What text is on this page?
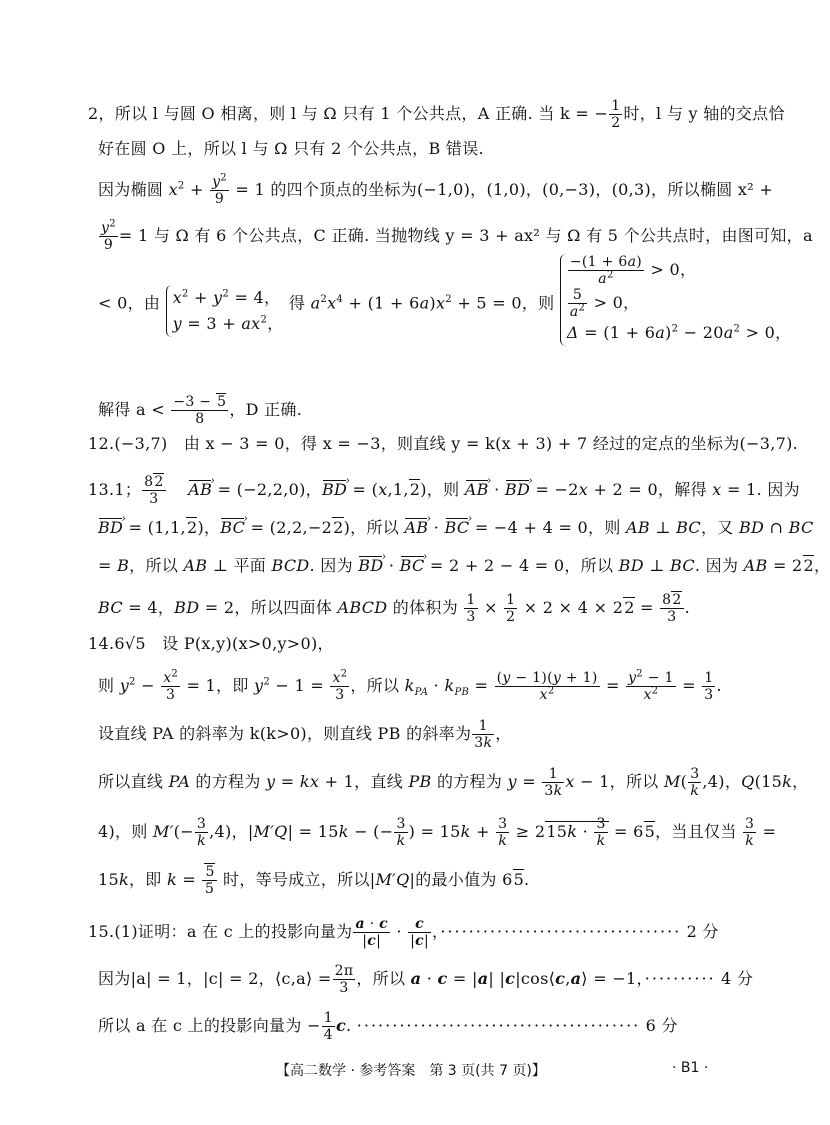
2，所以 l 与圆 O 相离，则 l 与 Ω 只有 1 个公共点，A 正确. 当 k = − $\frac{1}{2}$ 时，l 与 y 轴的交点恰
好在圆 O 上，所以 l 与 Ω 只有 2 个公共点，B 错误.
因为椭圆 $x^2 + \frac{y^2}{9} = 1$ 的四个顶点的坐标为(−1,0)，(1,0)，(0,−3)，(0,3)，所以椭圆 x² +
$\frac{y^2}{9} = 1$ 与 Ω 有 6 个公共点，C 正确. 当抛物线 y = 3 + ax² 与 Ω 有 5 个公共点时，由图可知，a
< 0，由 $x^2 + y^2 = 4$，
$y = 3 + ax^2$，
得 $a^2x^4 + (1 + 6a)x^2 + 5 = 0$，则
$\frac{-(1 + 6a)}{a^2} > 0$，
$\frac{5}{a^2} > 0$，
$\Delta = (1 + 6a)^2 - 20a^2 > 0$，
解得 $a < \frac{-3 - 5}{8}$ ，D 正确.
12.(−3,7)　 由 x − 3 = 0，得 x = −3，则直线 y = k(x + 3) + 7 经过的定点的坐标为(−3,7).
13.1； $\frac{82}{3}$
　 AB › = (−2,2,0)，BD › = (x,1,2)，则 AB › · BD › = −2x + 2 = 0，解得 x = 1. 因为
BD › = (1,1,2)，BC › = (2,2,−22)，所以 AB › · BC › = −4 + 4 = 0，则 AB ⊥ BC，又 BD ∩ BC
= B，所以 AB ⊥ 平面 BCD. 因为 BD › · BC › = 2 + 2 − 4 = 0，所以 BD ⊥ BC. 因为 AB = 22，
BC = 4，BD = 2，所以四面体 ABCD 的体积为 $\frac{1}{3} \times \frac{1}{2} \times 2 \times 4 \times 22 = \frac{82}{3}$ .
14.6√5　 设 P(x,y)(x>0,y>0)，
则 $y^2 - \frac{x^2}{3} = 1$，即 $y^2 - 1 = \frac{x^2}{3}$ ，所以 $k_{PA} \cdot k_{PB} = \frac{(y - 1)(y + 1)}{x^2} = \frac{y^2 - 1}{x^2} = \frac{1}{3}$ .
设直线 PA 的斜率为 k(k>0)，则直线 PB 的斜率为 $\frac{1}{3k}$ ，
所以直线 PA 的方程为 y = kx + 1，直线 PB 的方程为 $y = \frac{1}{3k}$ x − 1，所以 $M( \frac{3}{k} ,4)$，Q(15k，
4)，则 $M'(- \frac{3}{k} ,4)$，|M′Q| = 15k − (− $\frac{3}{k}$ ) = $15k + \frac{3}{k} \ge 215k \cdot \frac{3}{k} = 65$，当且仅当 $\frac{3}{k}$ =
15k，即 $k = \frac{5}{5}$ 时，等号成立，所以|M′Q|的最小值为 65.
15.(1)证明：a 在 c 上的投影向量为 $\frac{a \cdot c}{|c|} \cdot \frac{c}{|c|}$ ，·································· 2 分
因为|a| = 1，|c| = 2，⟨c,a⟩ = $\frac{2\pi}{3}$ ，所以 a · c = |a| |c|cos⟨c,a⟩ = −1，·········· 4 分
所以 a 在 c 上的投影向量为 − $\frac{1}{4} c$. ········································ 6 分
【高二数学 · 参考答案　第 3 页(共 7 页)】	· B1 ·
